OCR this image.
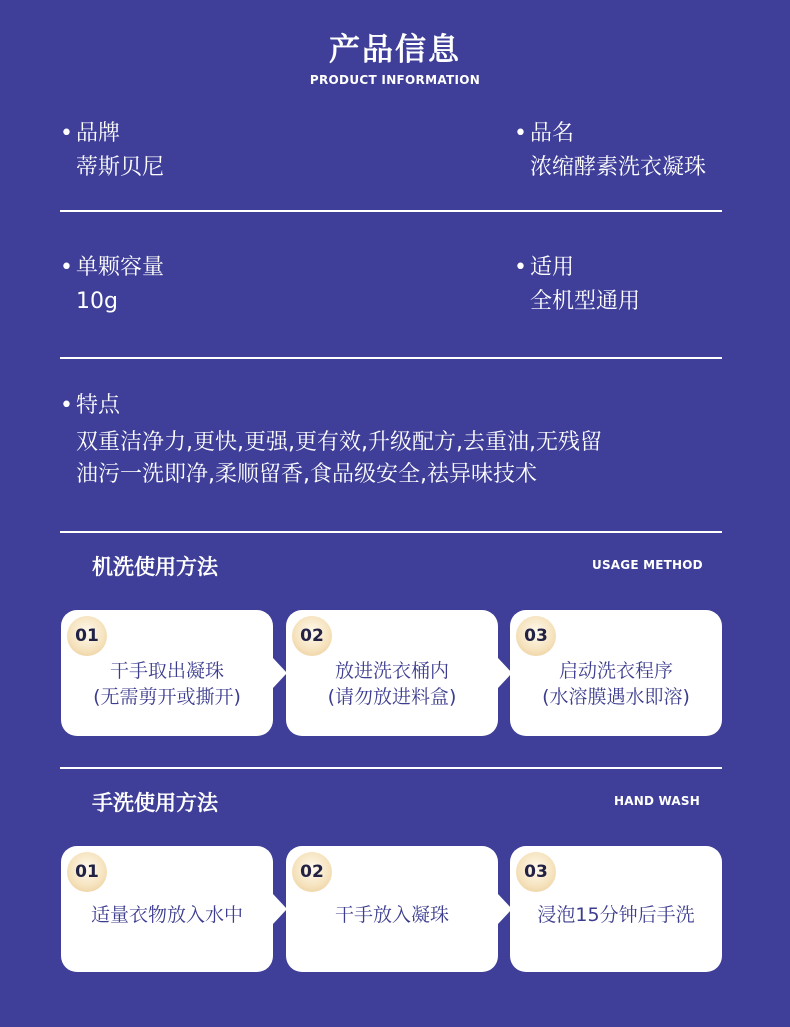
产品信息
PRODUCT INFORMATION
• 品牌
蒂斯贝尼
• 品名
浓缩酵素洗衣凝珠
• 单颗容量
10g
• 适用
全机型通用
• 特点
双重洁净力,更快,更强,更有效,升级配方,去重油,无残留
油污一洗即净,柔顺留香,食品级安全,祛异味技术
机洗使用方法	USAGE METHOD
01
干手取出凝珠
(无需剪开或撕开)
02
放进洗衣桶内
(请勿放进料盒)
03
启动洗衣程序
(水溶膜遇水即溶)
手洗使用方法	HAND WASH
01
适量衣物放入水中
02
干手放入凝珠
03
浸泡15分钟后手洗
